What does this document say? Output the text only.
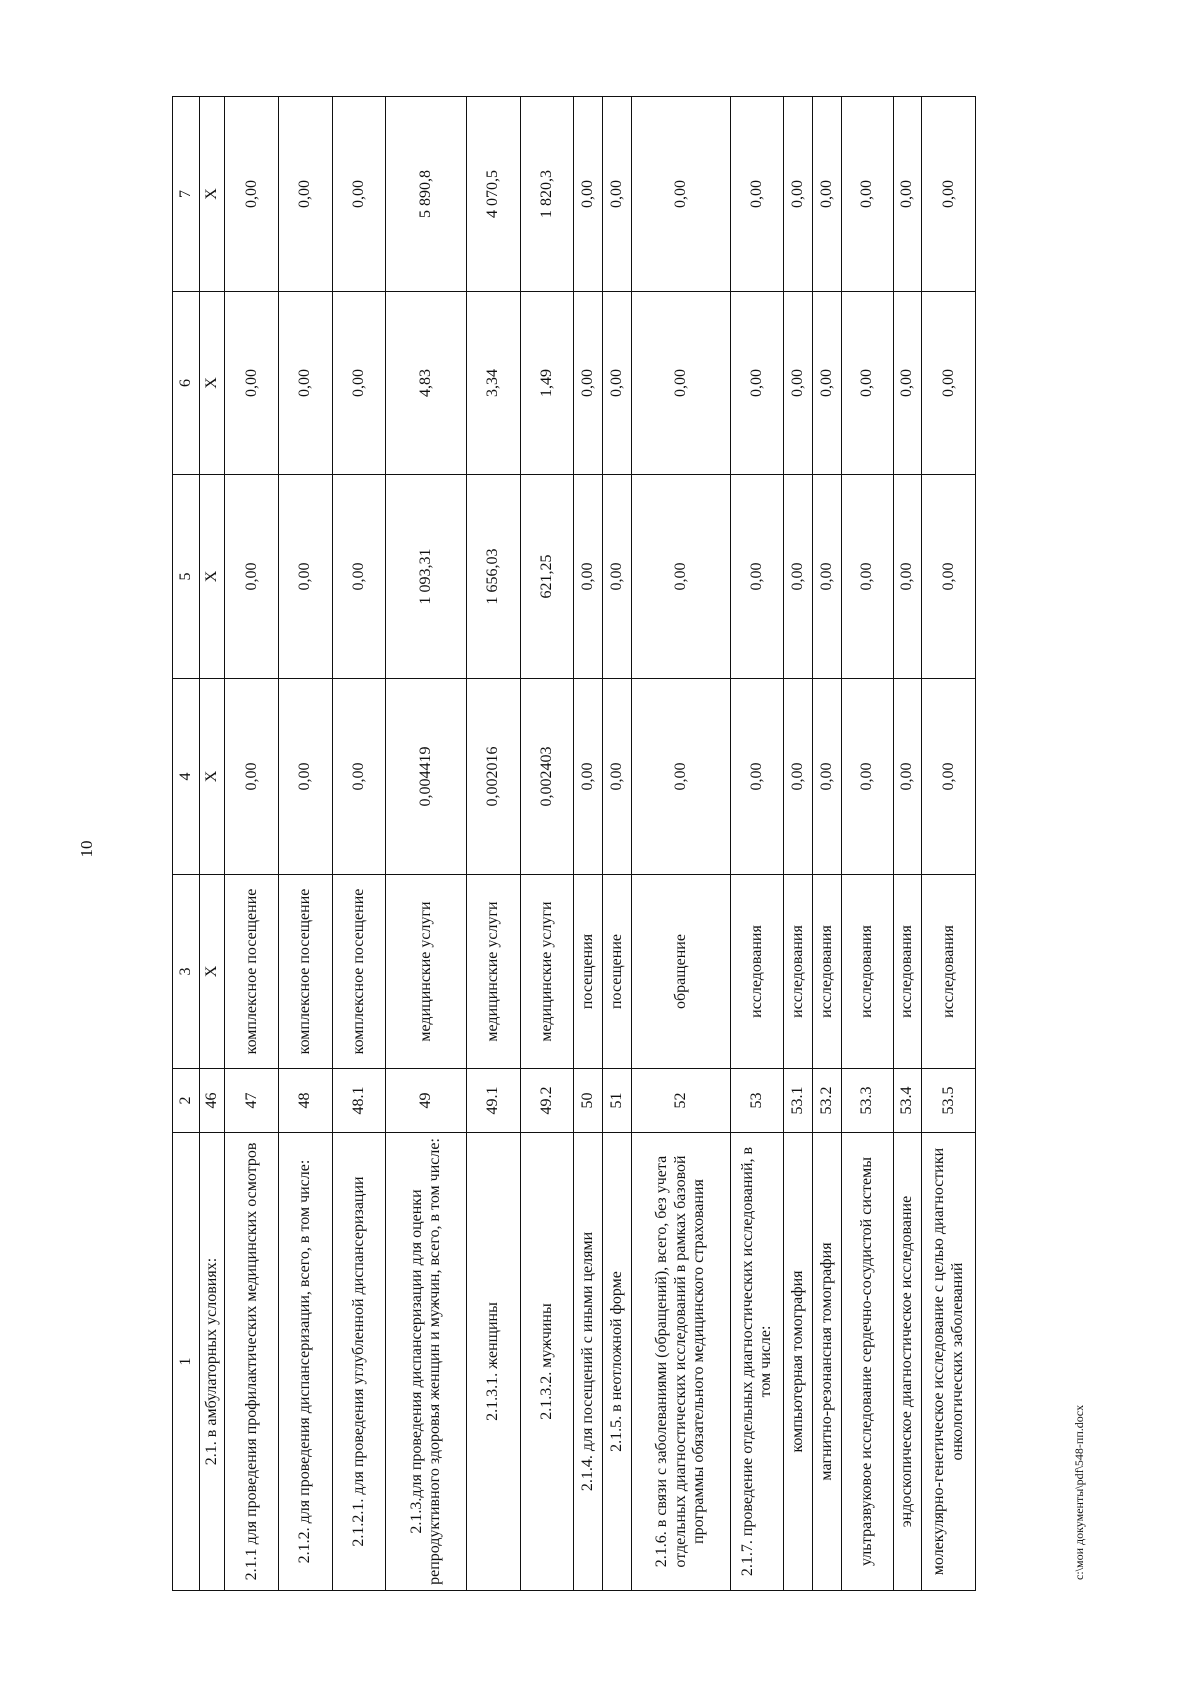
10
1	2	3	4	5	6	7
2.1. в амбулаторных условиях:	46	Х	Х	Х	Х	Х
2.1.1 для проведения профилактических медицинских осмотров	47	комплексное посещение	0,00	0,00	0,00	0,00
2.1.2. для проведения диспансеризации, всего, в том числе:	48	комплексное посещение	0,00	0,00	0,00	0,00
2.1.2.1. для проведения углубленной диспансеризации	48.1	комплексное посещение	0,00	0,00	0,00	0,00
2.1.3.для проведения диспансеризации для оценки репродуктивного здоровья женщин и мужчин, всего, в том числе:	49	медицинские услуги	0,004419	1 093,31	4,83	5 890,8
2.1.3.1. женщины	49.1	медицинские услуги	0,002016	1 656,03	3,34	4 070,5
2.1.3.2. мужчины	49.2	медицинские услуги	0,002403	621,25	1,49	1 820,3
2.1.4. для посещений с иными целями	50	посещения	0,00	0,00	0,00	0,00
2.1.5. в неотложной форме	51	посещение	0,00	0,00	0,00	0,00
2.1.6. в связи с заболеваниями (обращений), всего, без учета отдельных диагностических исследований в рамках базовой программы обязательного медицинского страхования	52	обращение	0,00	0,00	0,00	0,00
2.1.7. проведение отдельных диагностических исследований, в том числе:	53	исследования	0,00	0,00	0,00	0,00
компьютерная томография	53.1	исследования	0,00	0,00	0,00	0,00
магнитно-резонансная томография	53.2	исследования	0,00	0,00	0,00	0,00
ультразвуковое исследование сердечно-сосудистой системы	53.3	исследования	0,00	0,00	0,00	0,00
эндоскопическое диагностическое исследование	53.4	исследования	0,00	0,00	0,00	0,00
молекулярно-генетическое исследование с целью диагностики онкологических заболеваний	53.5	исследования	0,00	0,00	0,00	0,00
c:\мои документы\pdf\548-пп.docx
